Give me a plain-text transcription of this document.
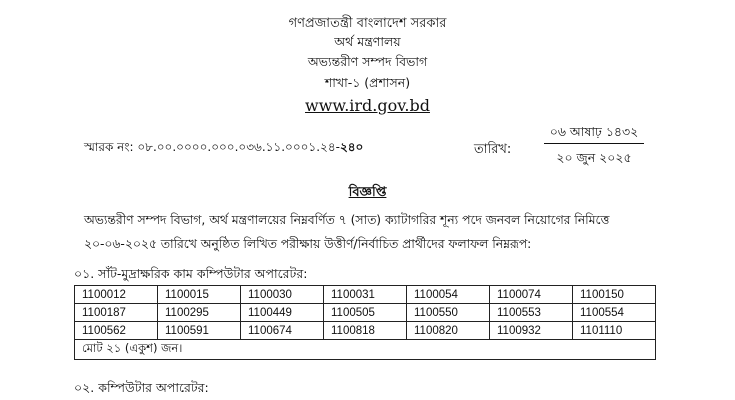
গণপ্রজাতন্ত্রী বাংলাদেশ সরকার
অর্থ মন্ত্রণালয়
অভ্যন্তরীণ সম্পদ বিভাগ
শাখা-১ (প্রশাসন)
www.ird.gov.bd
স্মারক নং: ০৮.০০.০০০০.০০০.০৩৬.১১.০০০১.২৪-২৪০	তারিখ:
০৬ আষাঢ় ১৪৩২
২০ জুন ২০২৫
বিজ্ঞপ্তি
অভ্যন্তরীণ সম্পদ বিভাগ, অর্থ মন্ত্রণালয়ের নিম্নবর্ণিত ৭ (সাত) ক্যাটাগরির শূন্য পদে জনবল নিয়োগের নিমিত্তে
২০-০৬-২০২৫ তারিখে অনুষ্ঠিত লিখিত পরীক্ষায় উত্তীর্ণ/নির্বাচিত প্রার্থীদের ফলাফল নিম্নরূপ:
০১. সাঁট-মুদ্রাক্ষরিক কাম কম্পিউটার অপারেটর:
1100012	1100015	1100030	1100031	1100054	1100074	1100150
1100187	1100295	1100449	1100505	1100550	1100553	1100554
1100562	1100591	1100674	1100818	1100820	1100932	1101110
মোট ২১ (একুশ) জন।						
০২. কম্পিউটার অপারেটর:
